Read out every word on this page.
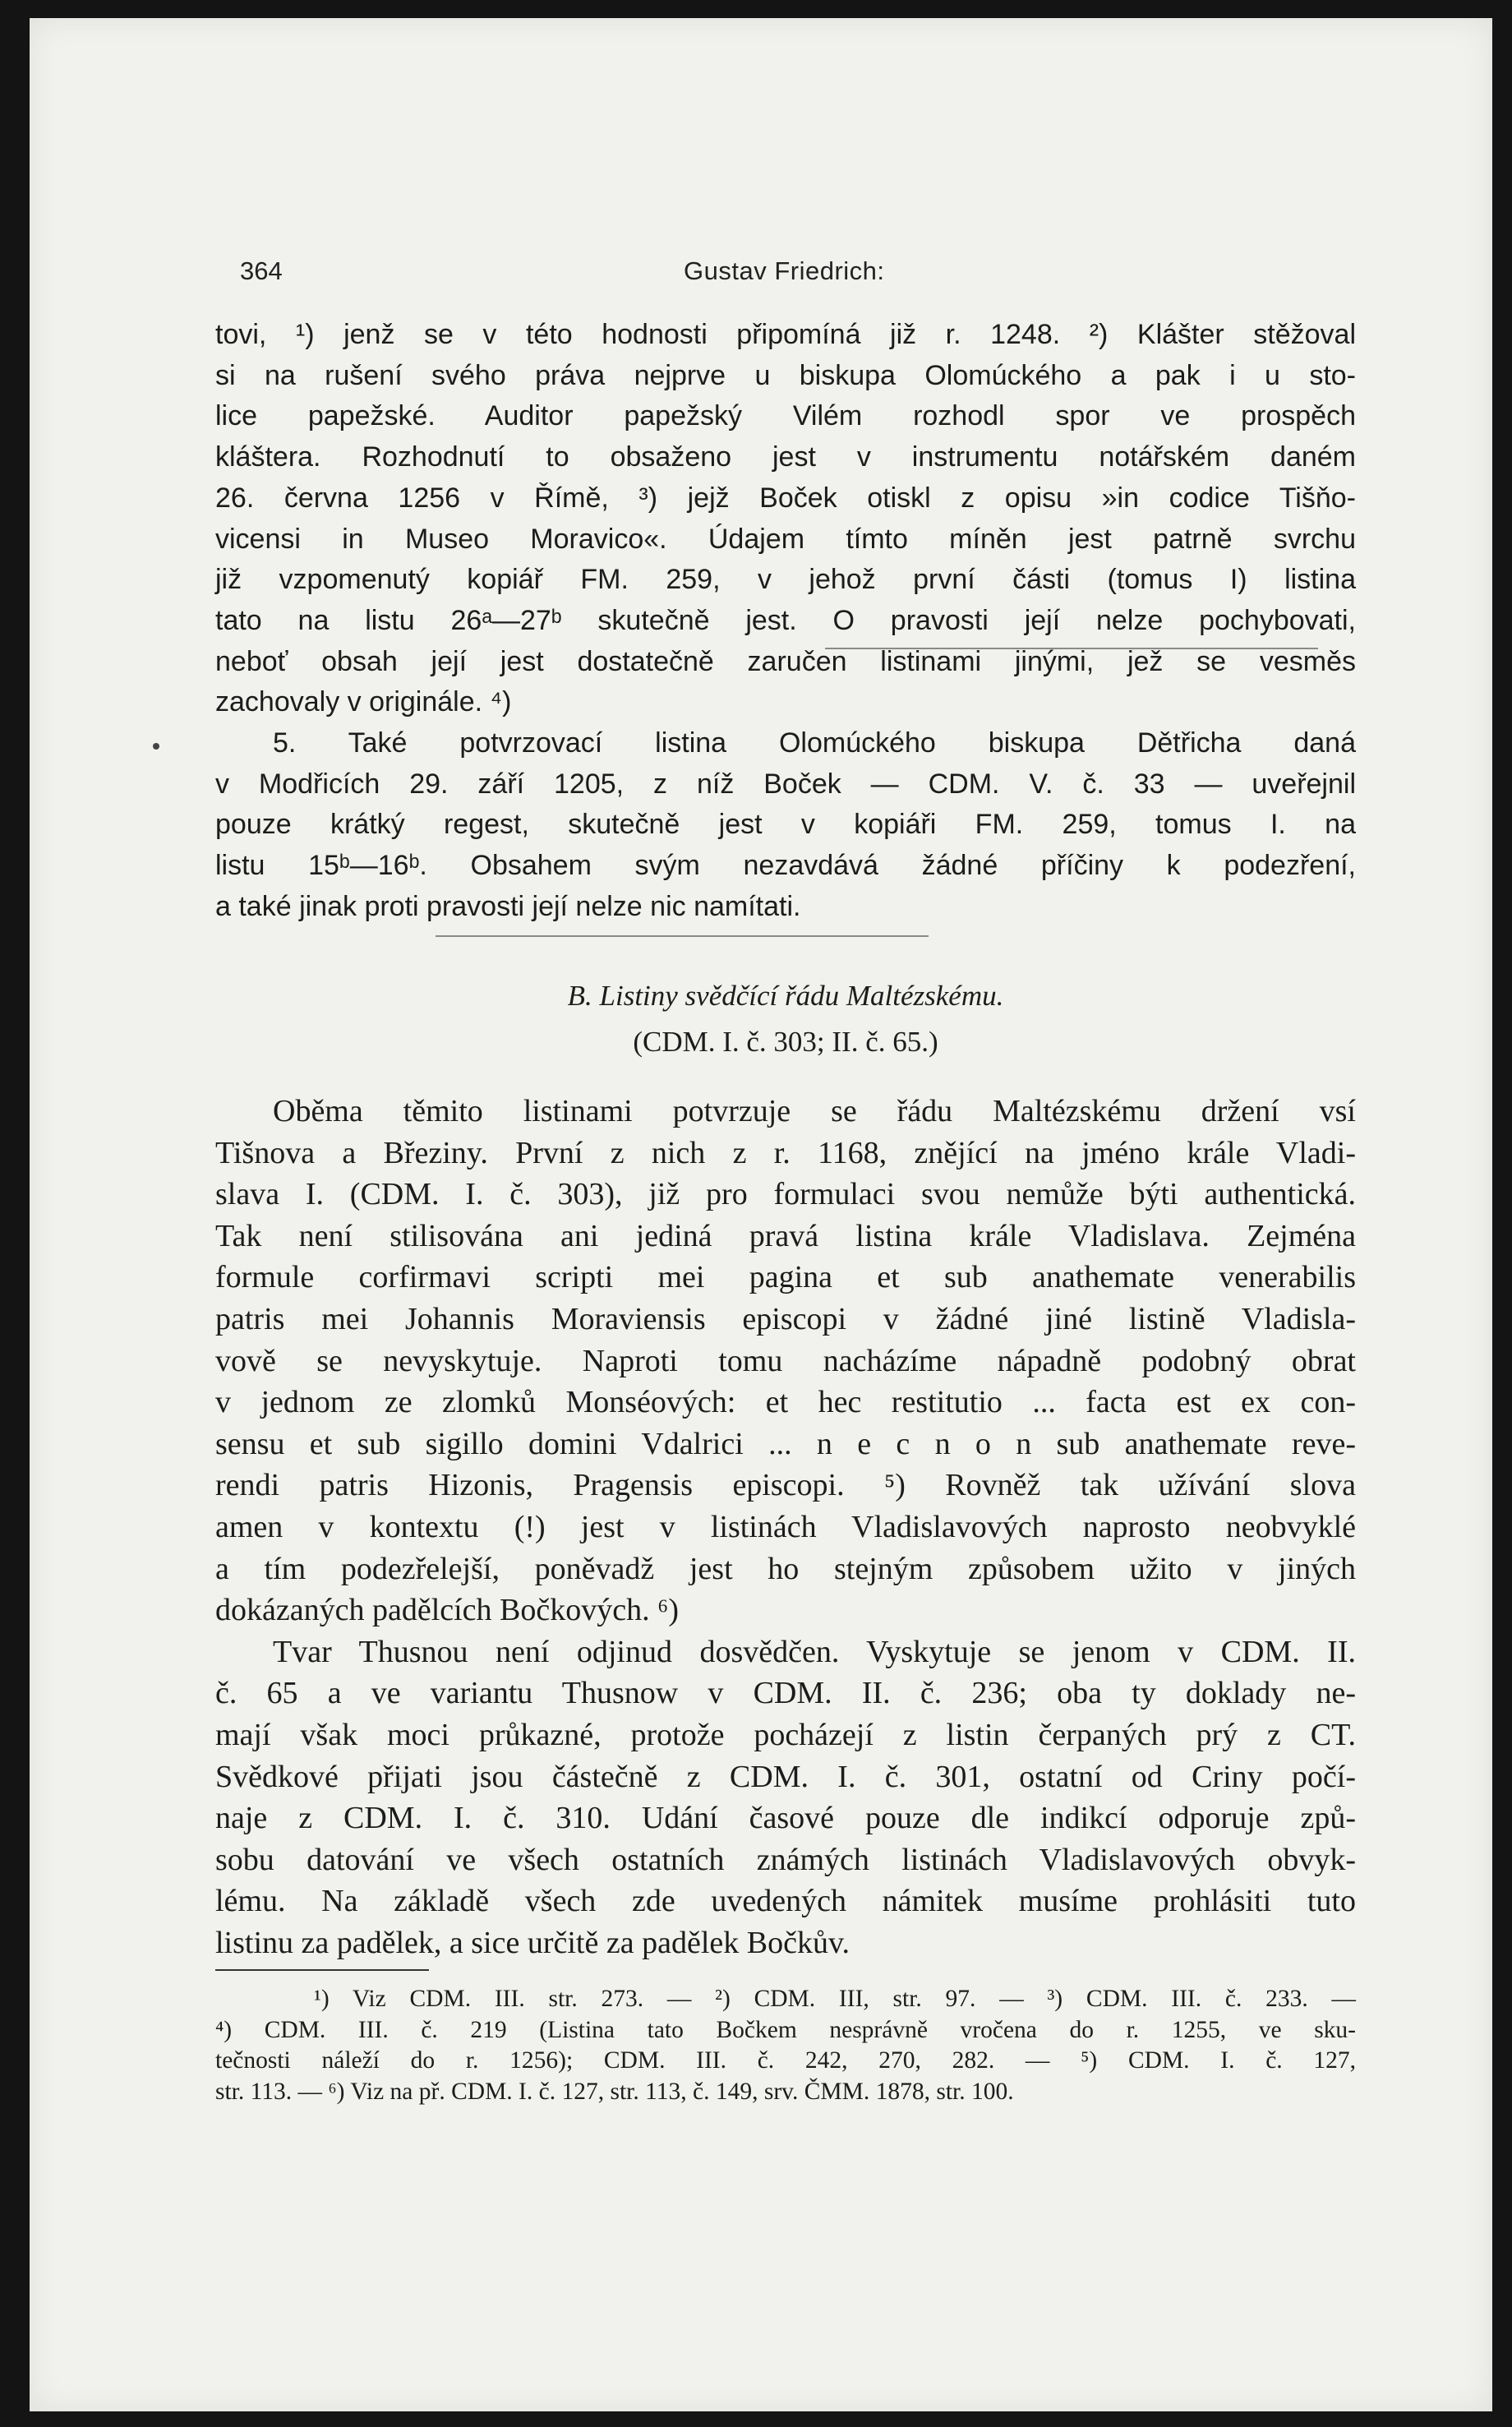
364	Gustav Friedrich:
tovi, ¹) jenž se v této hodnosti připomíná již r. 1248. ²) Klášter stěžoval
si na rušení svého práva nejprve u biskupa Olomúckého a pak i u sto-
lice papežské. Auditor papežský Vilém rozhodl spor ve prospěch
kláštera. Rozhodnutí to obsaženo jest v instrumentu notářském daném
26. června 1256 v Římě, ³) jejž Boček otiskl z opisu »in codice Tišňo-
vicensi in Museo Moravico«. Údajem tímto míněn jest patrně svrchu
již vzpomenutý kopiář FM. 259, v jehož první části (tomus I) listina
tato na listu 26ᵃ—27ᵇ skutečně jest. O pravosti její nelze pochybovati,
neboť obsah její jest dostatečně zaručen listinami jinými, jež se vesměs
zachovaly v originále. ⁴)
5. Také potvrzovací listina Olomúckého biskupa Dětřicha daná
v Modřicích 29. září 1205, z níž Boček — CDM. V. č. 33 — uveřejnil
pouze krátký regest, skutečně jest v kopiáři FM. 259, tomus I. na
listu 15ᵇ—16ᵇ. Obsahem svým nezavdává žádné příčiny k podezření,
a také jinak proti pravosti její nelze nic namítati.
B. Listiny svědčící řádu Maltézskému.
(CDM. I. č. 303; II. č. 65.)
Oběma těmito listinami potvrzuje se řádu Maltézskému držení vsí
Tišnova a Březiny. První z nich z r. 1168, znějící na jméno krále Vladi-
slava I. (CDM. I. č. 303), již pro formulaci svou nemůže býti authentická.
Tak není stilisována ani jediná pravá listina krále Vladislava. Zejména
formule corfirmavi scripti mei pagina et sub anathemate venerabilis
patris mei Johannis Moraviensis episcopi v žádné jiné listině Vladisla-
vově se nevyskytuje. Naproti tomu nacházíme nápadně podobný obrat
v jednom ze zlomků Monséových: et hec restitutio ... facta est ex con-
sensu et sub sigillo domini Vdalrici ... n e c n o n sub anathemate reve-
rendi patris Hizonis, Pragensis episcopi. ⁵) Rovněž tak užívání slova
amen v kontextu (!) jest v listinách Vladislavových naprosto neobvyklé
a tím podezřelejší, poněvadž jest ho stejným způsobem užito v jiných
dokázaných padělcích Bočkových. ⁶)
Tvar Thusnou není odjinud dosvědčen. Vyskytuje se jenom v CDM. II.
č. 65 a ve variantu Thusnow v CDM. II. č. 236; oba ty doklady ne-
mají však moci průkazné, protože pocházejí z listin čerpaných prý z CT.
Svědkové přijati jsou částečně z CDM. I. č. 301, ostatní od Criny počí-
naje z CDM. I. č. 310. Udání časové pouze dle indikcí odporuje způ-
sobu datování ve všech ostatních známých listinách Vladislavových obvyk-
lému. Na základě všech zde uvedených námitek musíme prohlásiti tuto
listinu za padělek, a sice určitě za padělek Bočkův.
¹) Viz CDM. III. str. 273. — ²) CDM. III, str. 97. — ³) CDM. III. č. 233. —
⁴) CDM. III. č. 219 (Listina tato Bočkem nesprávně vročena do r. 1255, ve sku-
tečnosti náleží do r. 1256); CDM. III. č. 242, 270, 282. — ⁵) CDM. I. č. 127,
str. 113. — ⁶) Viz na př. CDM. I. č. 127, str. 113, č. 149, srv. ČMM. 1878, str. 100.
